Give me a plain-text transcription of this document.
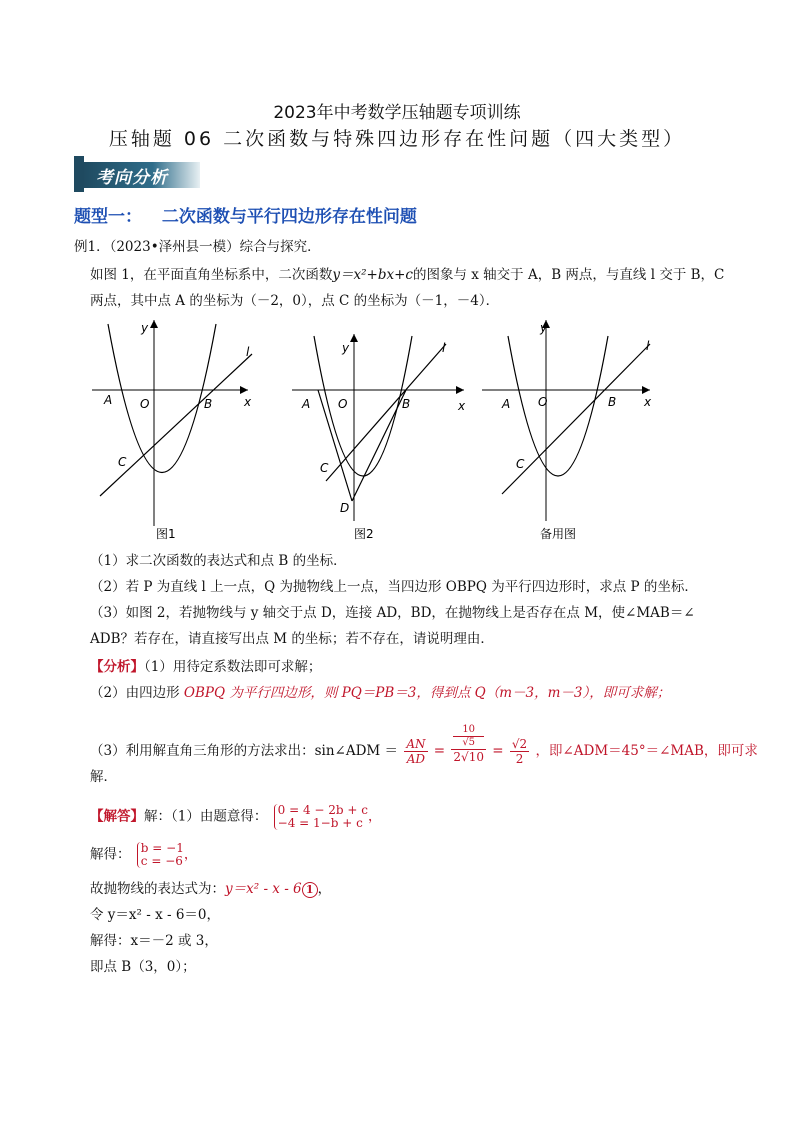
2023年中考数学压轴题专项训练
压轴题 06 二次函数与特殊四边形存在性问题（四大类型）
考向分析
题型一： 二次函数与平行四边形存在性问题
例1．（2023•泽州县一模）综合与探究．
如图 1，在平面直角坐标系中，二次函数y＝x²+bx+c的图象与 x 轴交于 A，B 两点，与直线 l 交于 B，C
两点，其中点 A 的坐标为（－2，0），点 C 的坐标为（－1，－4）．
y
x
O
A	B
C
l
图1
y
x
O
A	B
C
D
l
图2
y
x
O
A	B
C
l
备用图
（1）求二次函数的表达式和点 B 的坐标．
（2）若 P 为直线 l 上一点，Q 为抛物线上一点，当四边形 OBPQ 为平行四边形时，求点 P 的坐标．
（3）如图 2，若抛物线与 y 轴交于点 D，连接 AD，BD，在抛物线上是否存在点 M，使∠MAB＝∠
ADB？若存在，请直接写出点 M 的坐标；若不存在，请说明理由．
【分析】（1）用待定系数法即可求解；
（2）由四边形 OBPQ 为平行四边形，则 PQ＝PB＝3，得到点 Q（m－3，m－3），即可求解；
（3）利用解直角三角形的方法求出：sin∠ADM ＝ $\frac{AN}{AD} = 10$
√5
$2√10 = \frac{√2}{2}$ ，即∠ADM＝45°＝∠MAB，即可求
解．
【解答】解：（1）由题意得： 0 = 4 − 2b + c
−4 = 1−b + c ，
解得： b = −1
c = −6 ，
故抛物线的表达式为：y＝x² - x - 6 1 ，
令 y＝x² - x - 6＝0，
解得：x＝－2 或 3，
即点 B（3，0）；
